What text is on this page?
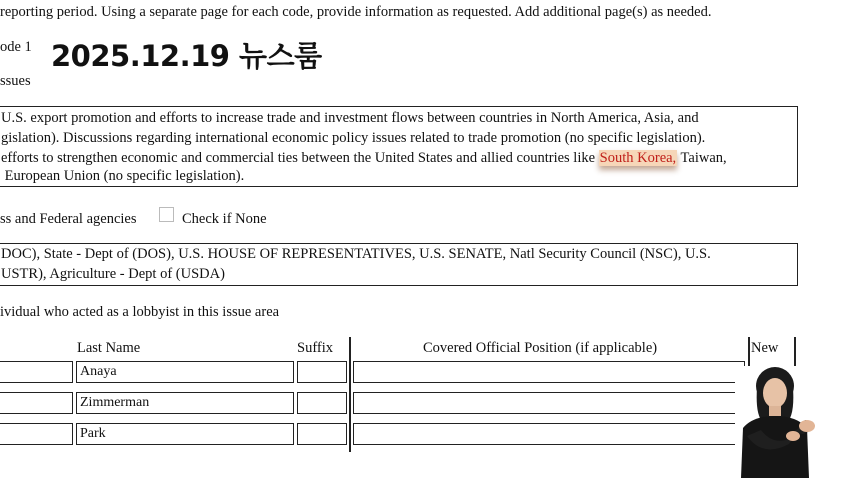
reporting period. Using a separate page for each code, provide information as requested. Add additional page(s) as needed.
ode 1 2025.12.19 뉴스룸
ssues
U.S. export promotion and efforts to increase trade and investment flows between countries in North America, Asia, and
gislation). Discussions regarding international economic policy issues related to trade promotion (no specific legislation).
efforts to strengthen economic and commercial ties between the United States and allied countries like South Korea, Taiwan,
European Union (no specific legislation).
ss and Federal agencies	Check if None
DOC), State - Dept of (DOS), U.S. HOUSE OF REPRESENTATIVES, U.S. SENATE, Natl Security Council (NSC), U.S.
USTR), Agriculture - Dept of (USDA)
ividual who acted as a lobbyist in this issue area
Last Name	Suffix	Covered Official Position (if applicable)	New
Anaya
Zimmerman
Park
